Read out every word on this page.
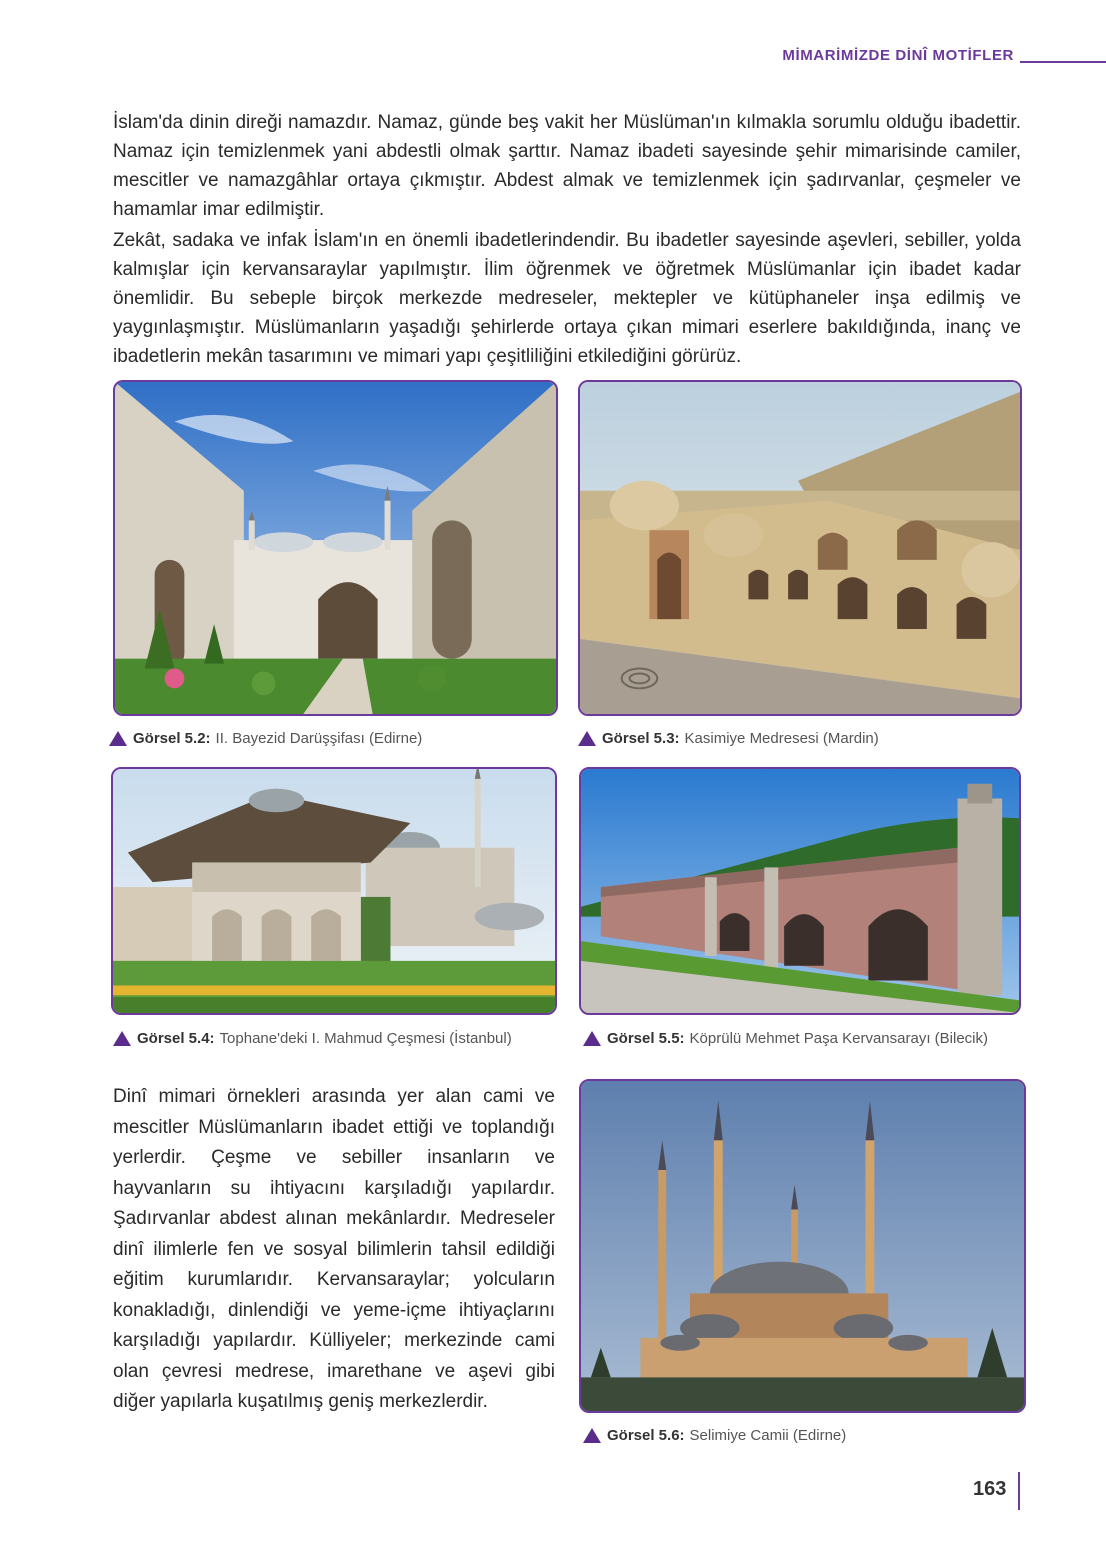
MİMARİMİZDE DİNÎ MOTİFLER

İslam'da dinin direği namazdır. Namaz, günde beş vakit her Müslüman'ın kılmakla sorumlu olduğu ibadettir. Namaz için temizlenmek yani abdestli olmak şarttır. Namaz ibadeti sayesinde şehir mimarisinde camiler, mescitler ve namazgâhlar ortaya çıkmıştır. Abdest almak ve temizlenmek için şadırvanlar, çeşmeler ve hamamlar imar edilmiştir.

Zekât, sadaka ve infak İslam'ın en önemli ibadetlerindendir. Bu ibadetler sayesinde aşevleri, sebiller, yolda kalmışlar için kervansaraylar yapılmıştır. İlim öğrenmek ve öğretmek Müslümanlar için ibadet kadar önemlidir. Bu sebeple birçok merkezde medreseler, mektepler ve kütüphaneler inşa edilmiş ve yaygınlaşmıştır. Müslümanların yaşadığı şehirlerde ortaya çıkan mimari eserlere bakıldığında, inanç ve ibadetlerin mekân tasarımını ve mimari yapı çeşitliliğini etkilediğini görürüz.

Görsel 5.2: II. Bayezid Darüşşifası (Edirne)	Görsel 5.3: Kasimiye Medresesi (Mardin)
Görsel 5.4: Tophane'deki I. Mahmud Çeşmesi (İstanbul)	Görsel 5.5: Köprülü Mehmet Paşa Kervansarayı (Bilecik)

Dinî mimari örnekleri arasında yer alan cami ve mescitler Müslümanların ibadet ettiği ve toplandığı yerlerdir. Çeşme ve sebiller insanların ve hayvanların su ihtiyacını karşıladığı yapılardır. Şadırvanlar abdest alınan mekânlardır. Medreseler dinî ilimlerle fen ve sosyal bilimlerin tahsil edildiği eğitim kurumlarıdır. Kervansaraylar; yolcuların konakladığı, dinlendiği ve yeme-içme ihtiyaçlarını karşıladığı yapılardır. Külliyeler; merkezinde cami olan çevresi medrese, imarethane ve aşevi gibi diğer yapılarla kuşatılmış geniş merkezlerdir.

Görsel 5.6: Selimiye Camii (Edirne)
163
